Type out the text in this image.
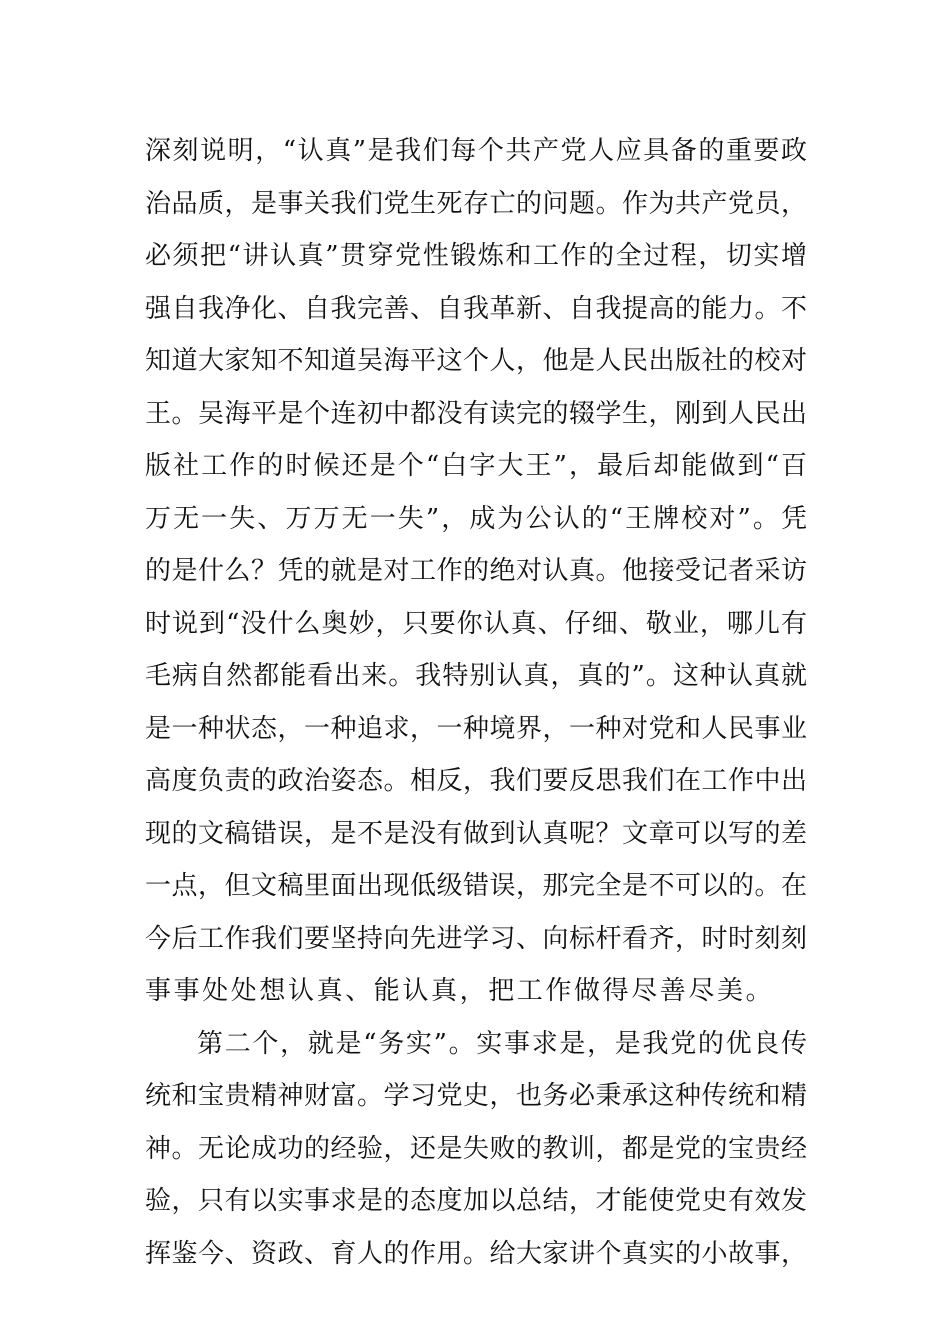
深刻说明，“认真”是我们每个共产党人应具备的重要政
治品质，是事关我们党生死存亡的问题。作为共产党员，
必须把“讲认真”贯穿党性锻炼和工作的全过程，切实增
强自我净化、自我完善、自我革新、自我提高的能力。不
知道大家知不知道吴海平这个人，他是人民出版社的校对
王。吴海平是个连初中都没有读完的辍学生，刚到人民出
版社工作的时候还是个“白字大王”，最后却能做到“百
万无一失、万万无一失”，成为公认的“王牌校对”。凭
的是什么？凭的就是对工作的绝对认真。他接受记者采访
时说到“没什么奥妙，只要你认真、仔细、敬业，哪儿有
毛病自然都能看出来。我特别认真，真的”。这种认真就
是一种状态，一种追求，一种境界，一种对党和人民事业
高度负责的政治姿态。相反，我们要反思我们在工作中出
现的文稿错误，是不是没有做到认真呢？文章可以写的差
一点，但文稿里面出现低级错误，那完全是不可以的。在
今后工作我们要坚持向先进学习、向标杆看齐，时时刻刻
事事处处想认真、能认真，把工作做得尽善尽美。
第二个，就是“务实”。实事求是，是我党的优良传
统和宝贵精神财富。学习党史，也务必秉承这种传统和精
神。无论成功的经验，还是失败的教训，都是党的宝贵经
验，只有以实事求是的态度加以总结，才能使党史有效发
挥鉴今、资政、育人的作用。给大家讲个真实的小故事，
